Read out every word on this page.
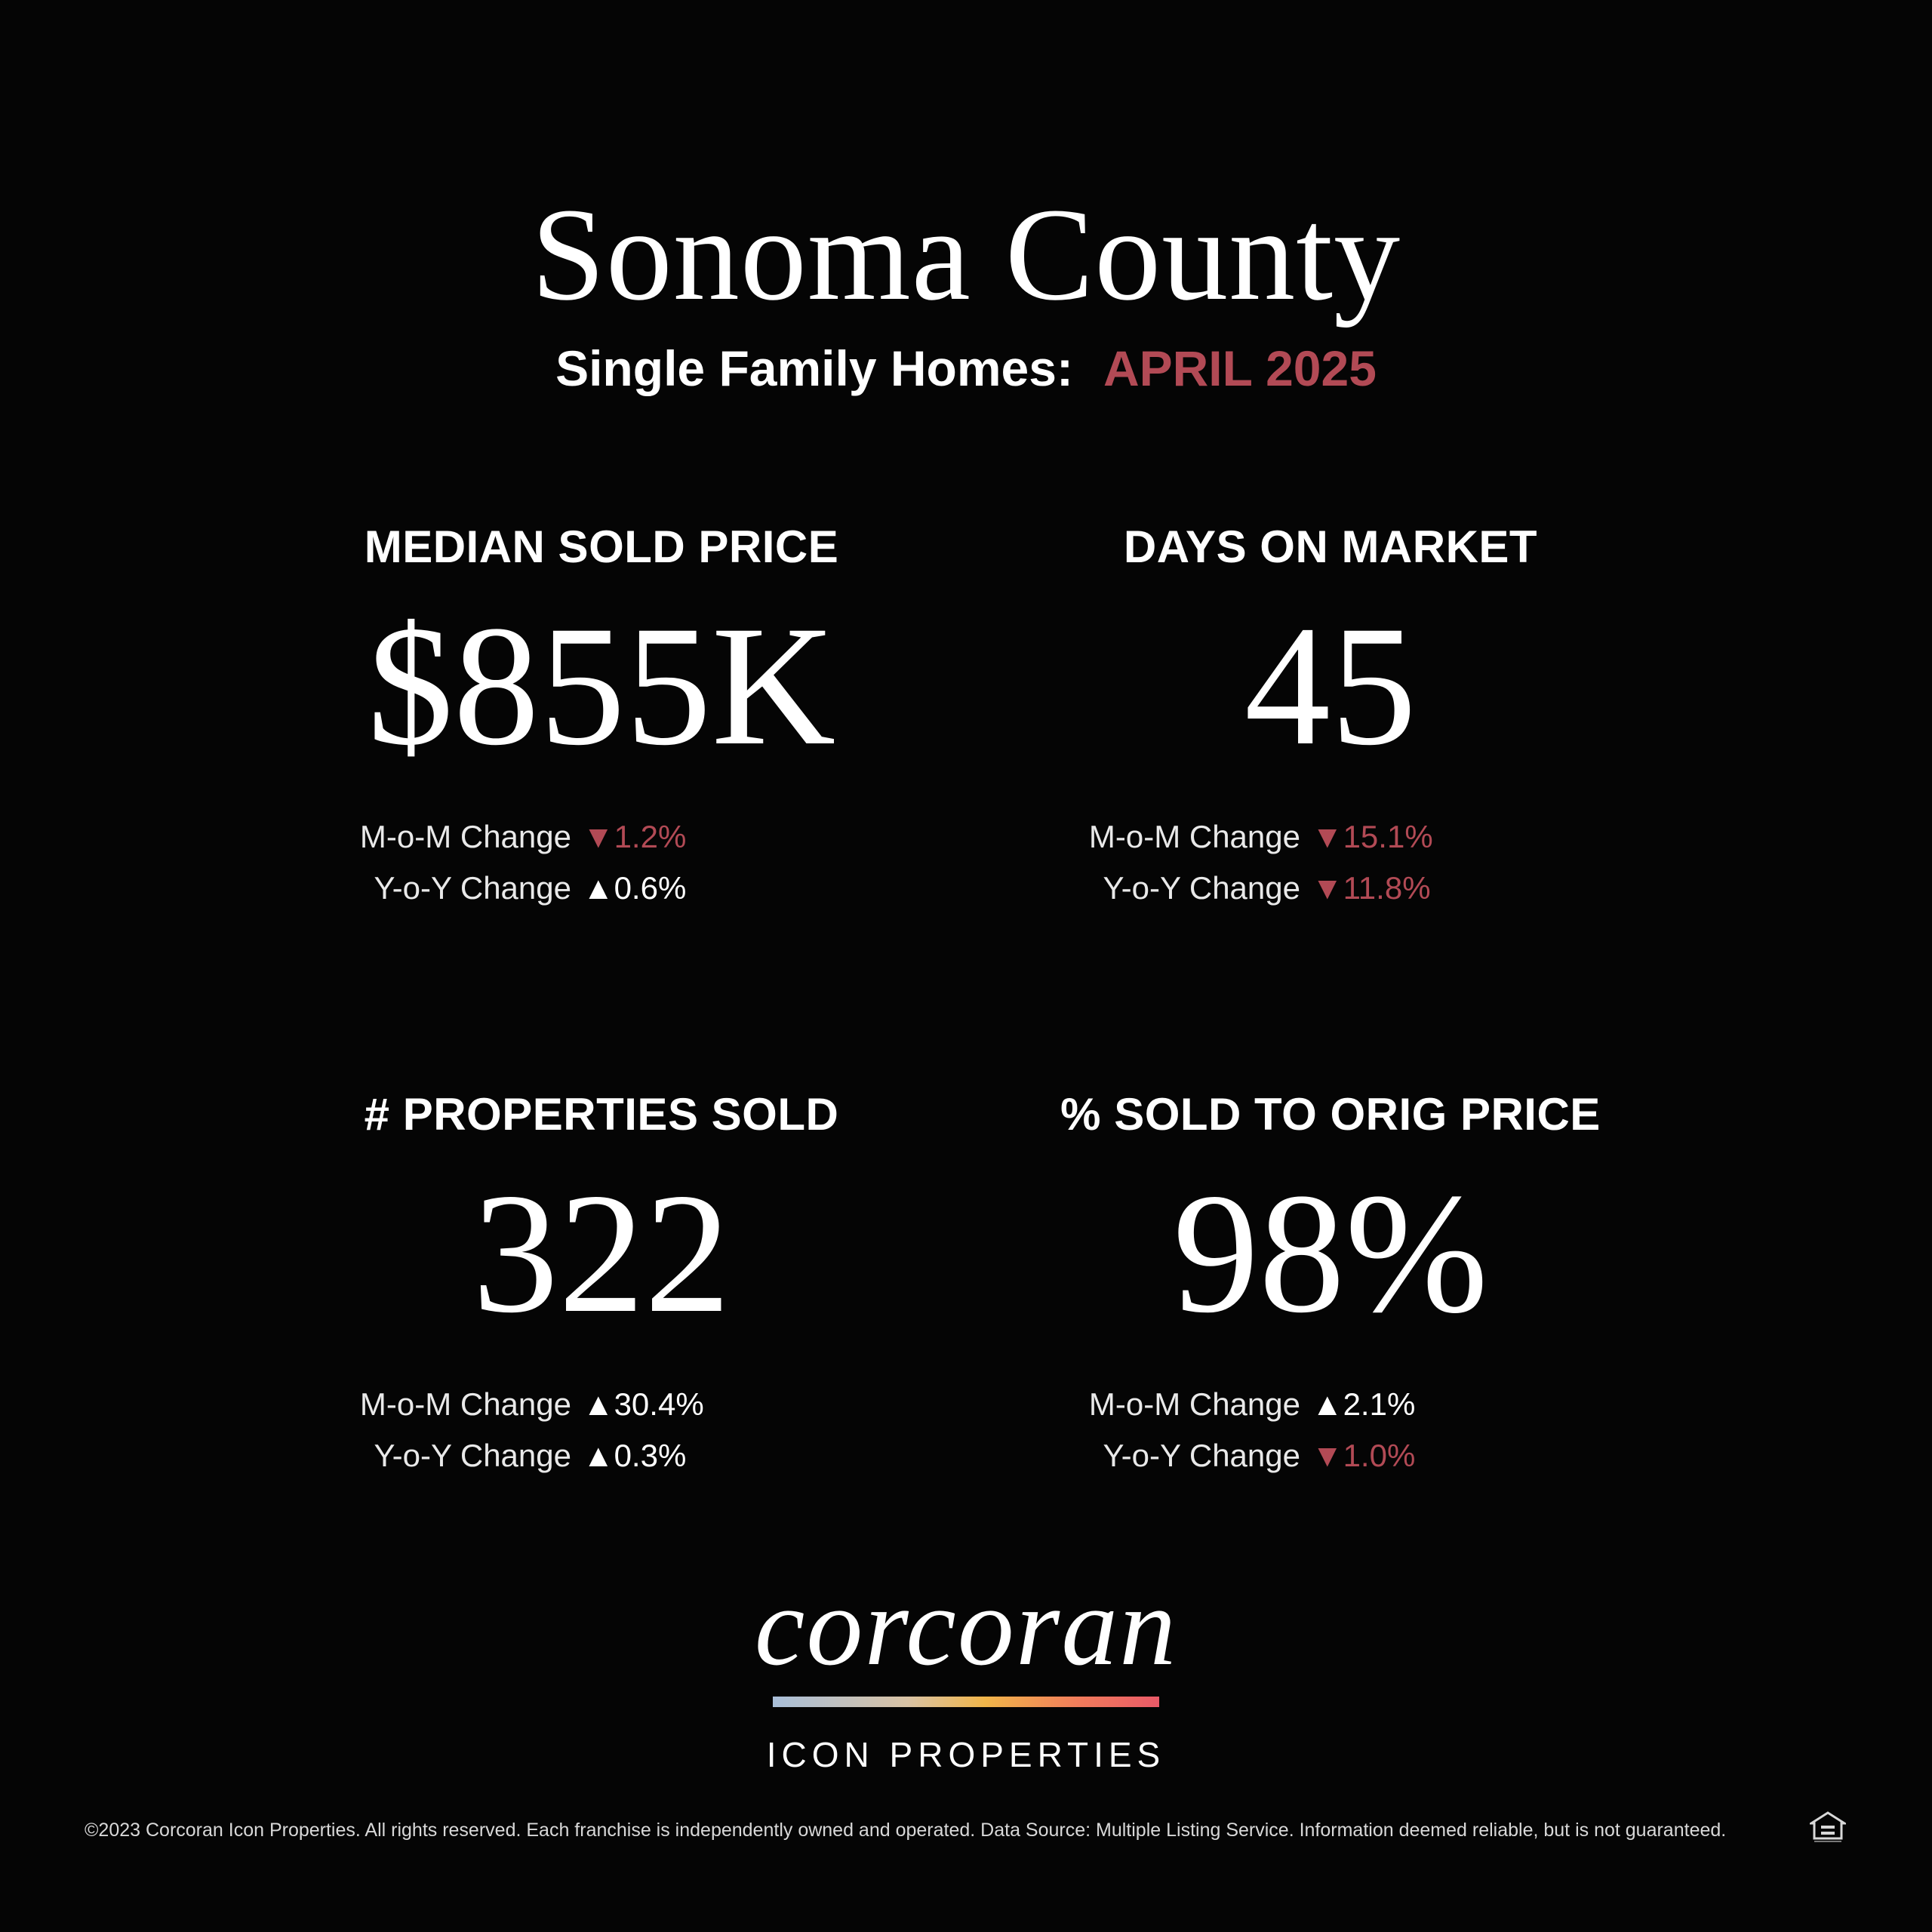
Sonoma County
Single Family Homes: APRIL 2025
MEDIAN SOLD PRICE
$855K
M-o-M Change ▼1.2%
Y-o-Y Change ▲0.6%
DAYS ON MARKET
45
M-o-M Change ▼15.1%
Y-o-Y Change ▼11.8%
# PROPERTIES SOLD
322
M-o-M Change ▲30.4%
Y-o-Y Change ▲0.3%
% SOLD TO ORIG PRICE
98%
M-o-M Change ▲2.1%
Y-o-Y Change ▼1.0%
corcoran
ICON PROPERTIES
©2023 Corcoran Icon Properties. All rights reserved. Each franchise is independently owned and operated. Data Source: Multiple Listing Service. Information deemed reliable, but is not guaranteed.
